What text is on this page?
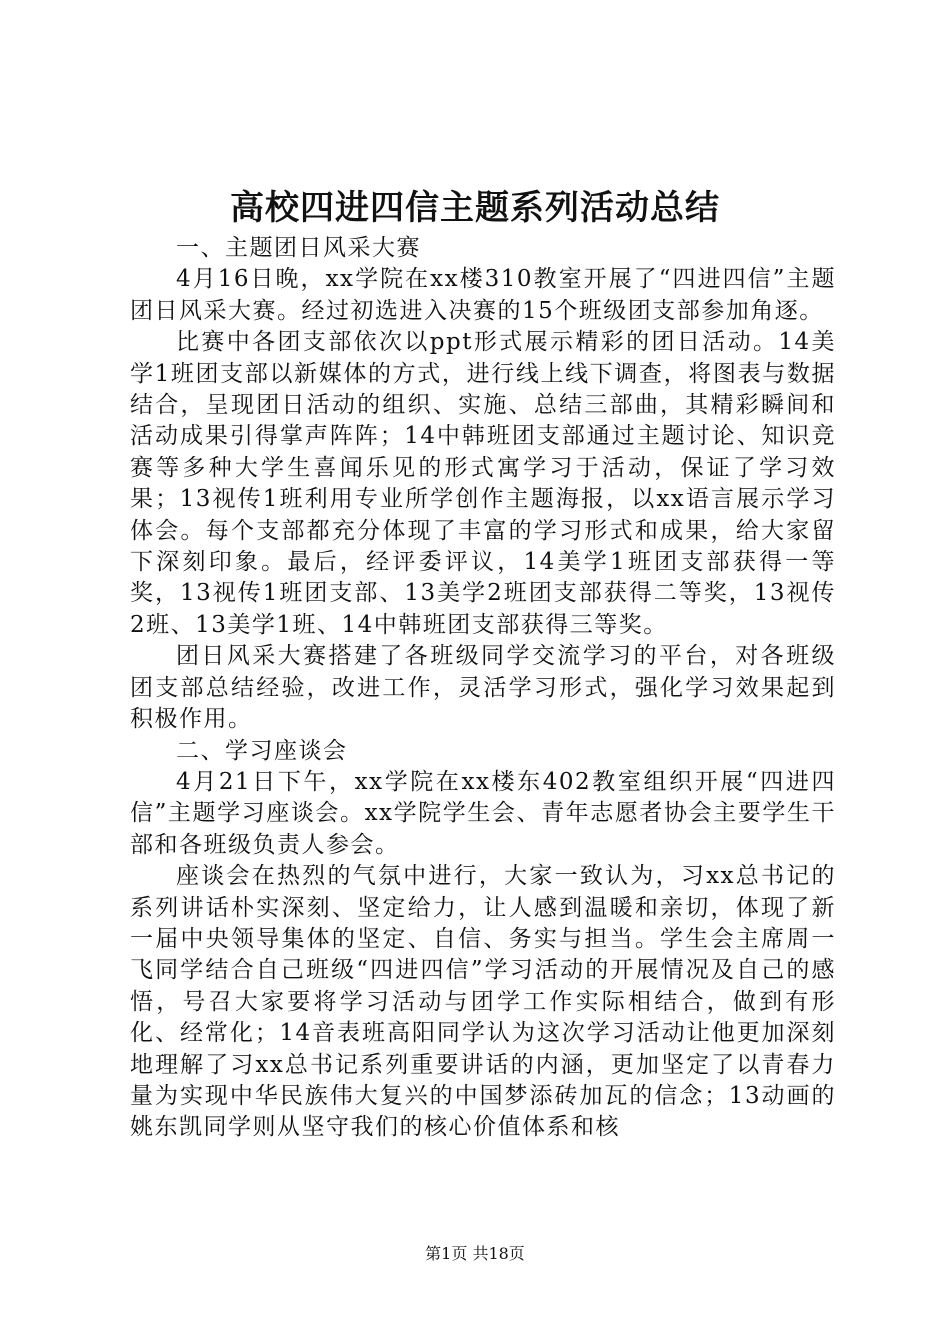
高校四进四信主题系列活动总结

一、主题团日风采大赛

4月16日晚，xx学院在xx楼310教室开展了“四进四信”主题团日风采大赛。经过初选进入决赛的15个班级团支部参加角逐。

比赛中各团支部依次以ppt形式展示精彩的团日活动。14美学1班团支部以新媒体的方式，进行线上线下调查，将图表与数据结合，呈现团日活动的组织、实施、总结三部曲，其精彩瞬间和活动成果引得掌声阵阵；14中韩班团支部通过主题讨论、知识竞赛等多种大学生喜闻乐见的形式寓学习于活动，保证了学习效果；13视传1班利用专业所学创作主题海报，以xx语言展示学习体会。每个支部都充分体现了丰富的学习形式和成果，给大家留下深刻印象。最后，经评委评议，14美学1班团支部获得一等奖，13视传1班团支部、13美学2班团支部获得二等奖，13视传2班、13美学1班、14中韩班团支部获得三等奖。

团日风采大赛搭建了各班级同学交流学习的平台，对各班级团支部总结经验，改进工作，灵活学习形式，强化学习效果起到积极作用。

二、学习座谈会

4月21日下午，xx学院在xx楼东402教室组织开展“四进四信”主题学习座谈会。xx学院学生会、青年志愿者协会主要学生干部和各班级负责人参会。

座谈会在热烈的气氛中进行，大家一致认为，习xx总书记的系列讲话朴实深刻、坚定给力，让人感到温暖和亲切，体现了新一届中央领导集体的坚定、自信、务实与担当。学生会主席周一飞同学结合自己班级“四进四信”学习活动的开展情况及自己的感悟，号召大家要将学习活动与团学工作实际相结合，做到有形化、经常化；14音表班高阳同学认为这次学习活动让他更加深刻地理解了习xx总书记系列重要讲话的内涵，更加坚定了以青春力量为实现中华民族伟大复兴的中国梦添砖加瓦的信念；13动画的姚东凯同学则从坚守我们的核心价值体系和核

第1页 共18页
